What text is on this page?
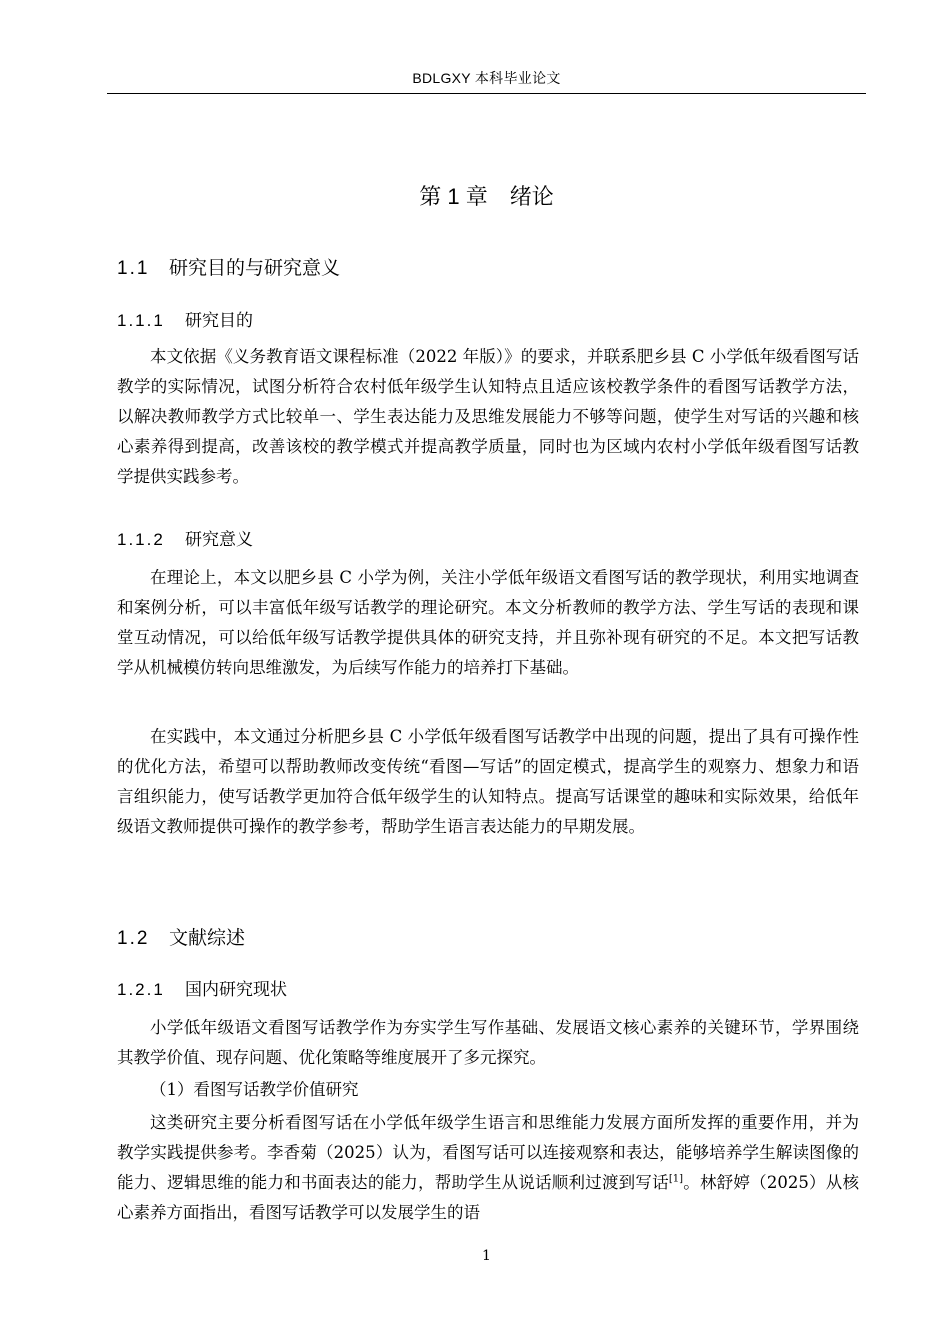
BDLGXY 本科毕业论文
第 1 章　绪论
1.1 研究目的与研究意义
1.1.1 研究目的

本文依据《义务教育语文课程标准（2022 年版）》的要求，并联系肥乡县 C 小学低年级看图写话教学的实际情况，试图分析符合农村低年级学生认知特点且适应该校教学条件的看图写话教学方法，以解决教师教学方式比较单一、学生表达能力及思维发展能力不够等问题，使学生对写话的兴趣和核心素养得到提高，改善该校的教学模式并提高教学质量，同时也为区域内农村小学低年级看图写话教学提供实践参考。

1.1.2 研究意义

在理论上，本文以肥乡县 C 小学为例，关注小学低年级语文看图写话的教学现状，利用实地调查和案例分析，可以丰富低年级写话教学的理论研究。本文分析教师的教学方法、学生写话的表现和课堂互动情况，可以给低年级写话教学提供具体的研究支持，并且弥补现有研究的不足。本文把写话教学从机械模仿转向思维激发，为后续写作能力的培养打下基础。

在实践中，本文通过分析肥乡县 C 小学低年级看图写话教学中出现的问题，提出了具有可操作性的优化方法，希望可以帮助教师改变传统“看图—写话”的固定模式，提高学生的观察力、想象力和语言组织能力，使写话教学更加符合低年级学生的认知特点。提高写话课堂的趣味和实际效果，给低年级语文教师提供可操作的教学参考，帮助学生语言表达能力的早期发展。

1.2 文献综述
1.2.1 国内研究现状

小学低年级语文看图写话教学作为夯实学生写作基础、发展语文核心素养的关键环节，学界围绕其教学价值、现存问题、优化策略等维度展开了多元探究。

（1）看图写话教学价值研究

这类研究主要分析看图写话在小学低年级学生语言和思维能力发展方面所发挥的重要作用，并为教学实践提供参考。李香菊（2025）认为，看图写话可以连接观察和表达，能够培养学生解读图像的能力、逻辑思维的能力和书面表达的能力，帮助学生从说话顺利过渡到写话[1]。林舒婷（2025）从核心素养方面指出，看图写话教学可以发展学生的语

1
